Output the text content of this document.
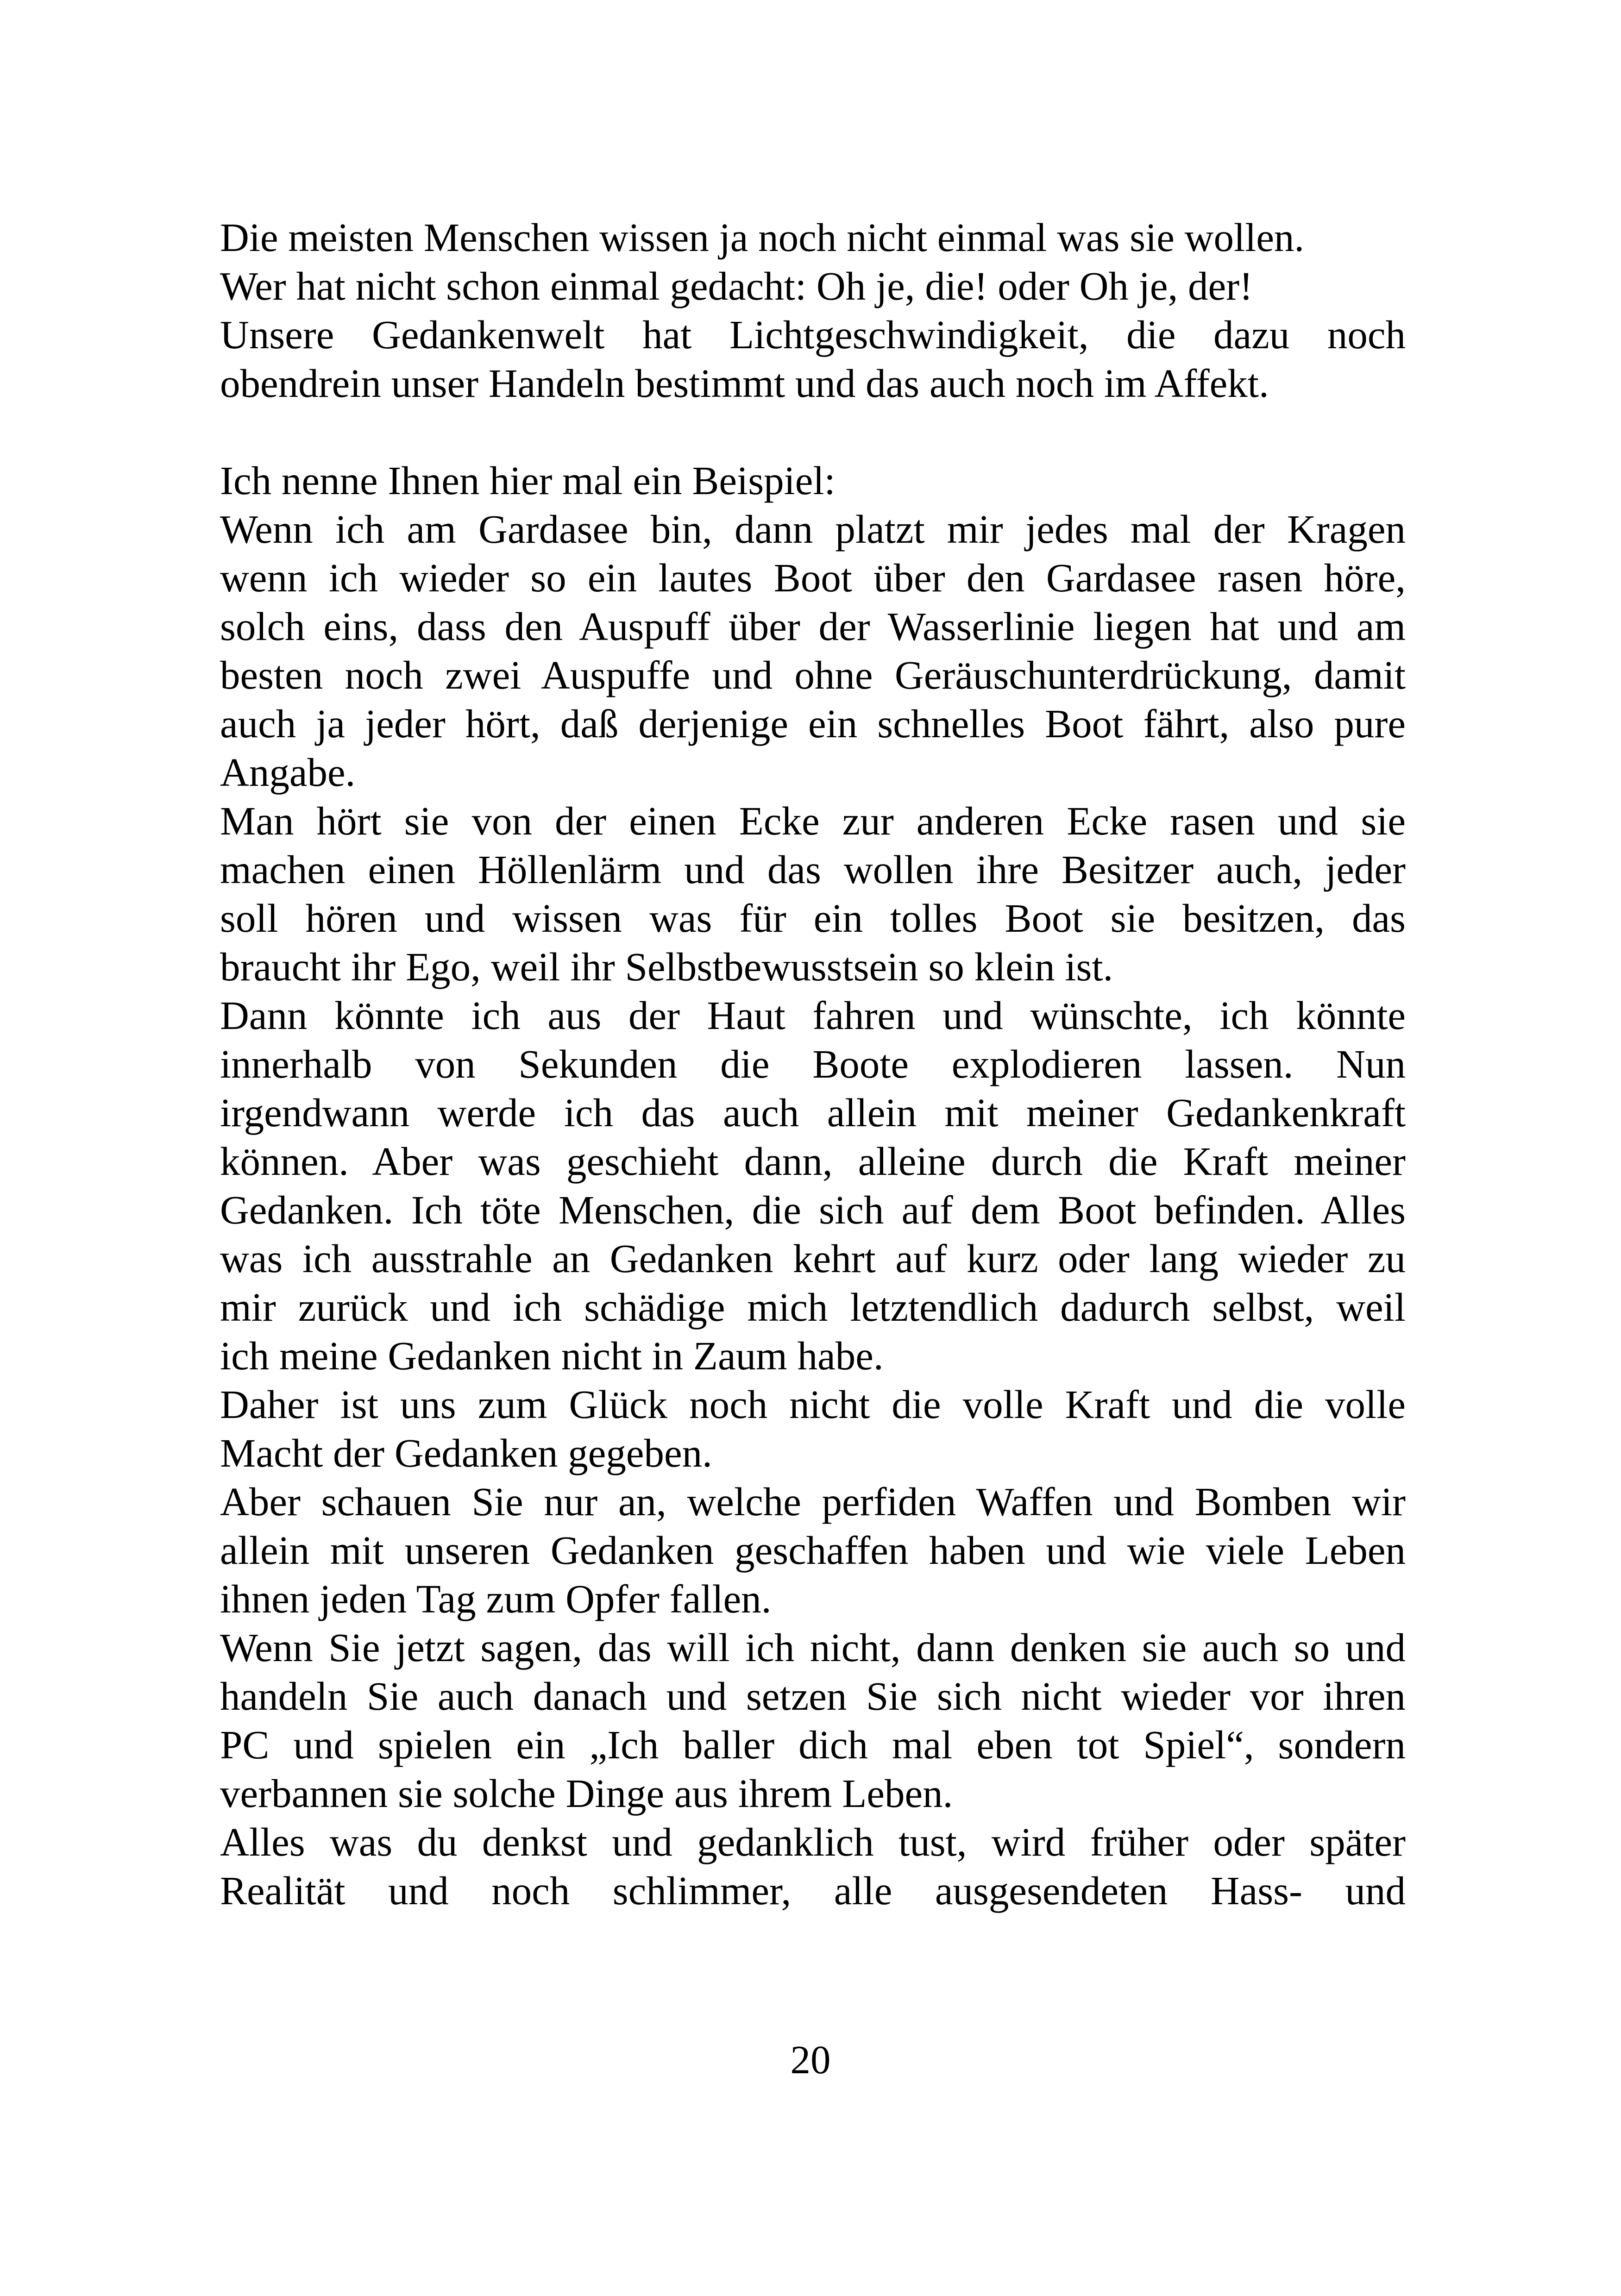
Die meisten Menschen wissen ja noch nicht einmal was sie wollen.
Wer hat nicht schon einmal gedacht: Oh je, die! oder Oh je, der!
Unsere Gedankenwelt hat Lichtgeschwindigkeit, die dazu noch
obendrein unser Handeln bestimmt und das auch noch im Affekt.
Ich nenne Ihnen hier mal ein Beispiel:
Wenn ich am Gardasee bin, dann platzt mir jedes mal der Kragen
wenn ich wieder so ein lautes Boot über den Gardasee rasen höre,
solch eins, dass den Auspuff über der Wasserlinie liegen hat und am
besten noch zwei Auspuffe und ohne Geräuschunterdrückung, damit
auch ja jeder hört, daß derjenige ein schnelles Boot fährt, also pure
Angabe.
Man hört sie von der einen Ecke zur anderen Ecke rasen und sie
machen einen Höllenlärm und das wollen ihre Besitzer auch, jeder
soll hören und wissen was für ein tolles Boot sie besitzen, das
braucht ihr Ego, weil ihr Selbstbewusstsein so klein ist.
Dann könnte ich aus der Haut fahren und wünschte, ich könnte
innerhalb von Sekunden die Boote explodieren lassen. Nun
irgendwann werde ich das auch allein mit meiner Gedankenkraft
können. Aber was geschieht dann, alleine durch die Kraft meiner
Gedanken. Ich töte Menschen, die sich auf dem Boot befinden. Alles
was ich ausstrahle an Gedanken kehrt auf kurz oder lang wieder zu
mir zurück und ich schädige mich letztendlich dadurch selbst, weil
ich meine Gedanken nicht in Zaum habe.
Daher ist uns zum Glück noch nicht die volle Kraft und die volle
Macht der Gedanken gegeben.
Aber schauen Sie nur an, welche perfiden Waffen und Bomben wir
allein mit unseren Gedanken geschaffen haben und wie viele Leben
ihnen jeden Tag zum Opfer fallen.
Wenn Sie jetzt sagen, das will ich nicht, dann denken sie auch so und
handeln Sie auch danach und setzen Sie sich nicht wieder vor ihren
PC und spielen ein „Ich baller dich mal eben tot Spiel“, sondern
verbannen sie solche Dinge aus ihrem Leben.
Alles was du denkst und gedanklich tust, wird früher oder später
Realität und noch schlimmer, alle ausgesendeten Hass- und
20
